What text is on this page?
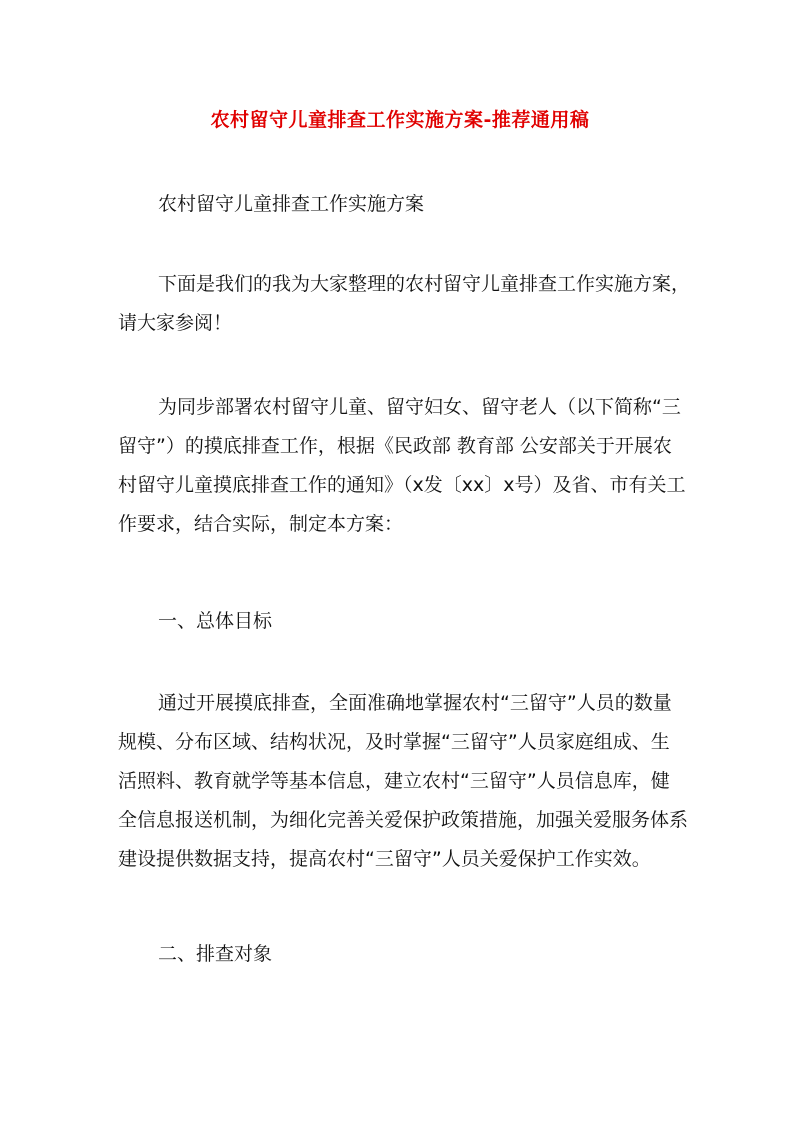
农村留守儿童排查工作实施方案-推荐通用稿
农村留守儿童排查工作实施方案
下面是我们的我为大家整理的农村留守儿童排查工作实施方案，
请大家参阅！
为同步部署农村留守儿童、留守妇女、留守老人（以下简称“三
留守”）的摸底排查工作，根据《民政部 教育部 公安部关于开展农
村留守儿童摸底排查工作的通知》（x发〔xx〕x号）及省、市有关工
作要求，结合实际，制定本方案：
一、总体目标
通过开展摸底排查，全面准确地掌握农村“三留守”人员的数量
规模、分布区域、结构状况，及时掌握“三留守”人员家庭组成、生
活照料、教育就学等基本信息，建立农村“三留守”人员信息库，健
全信息报送机制，为细化完善关爱保护政策措施，加强关爱服务体系
建设提供数据支持，提高农村“三留守”人员关爱保护工作实效。
二、排查对象
